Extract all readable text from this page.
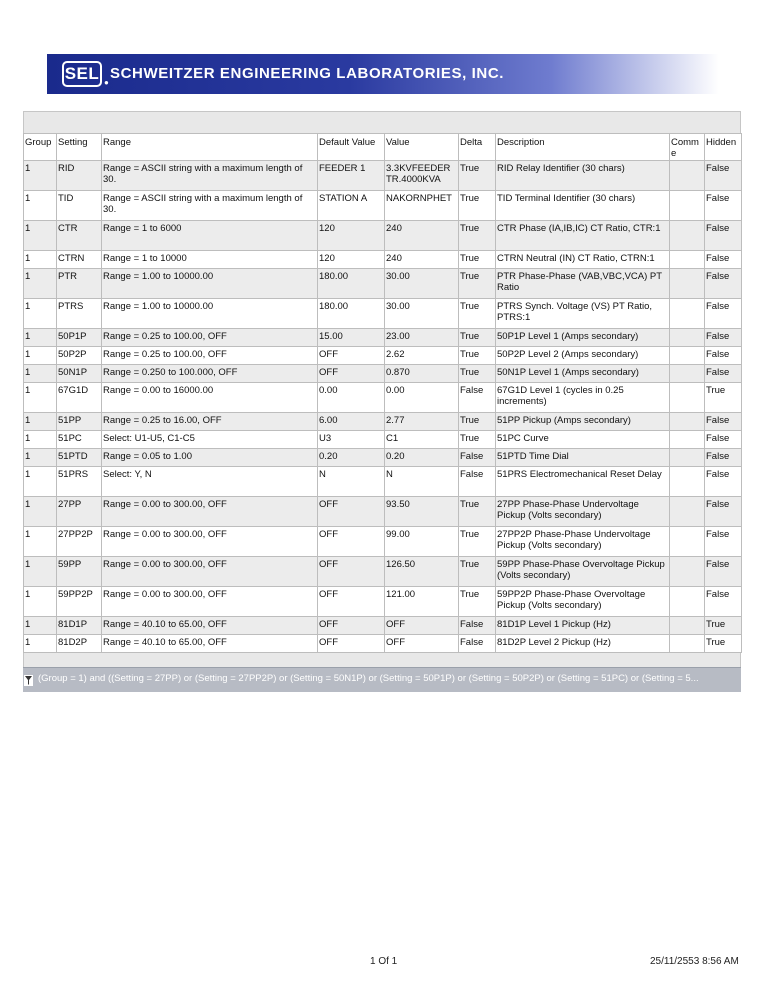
SEL ●
SCHWEITZER ENGINEERING LABORATORIES, INC.
Group	Setting	Range	Default Value	Value	Delta	Description	Comme	Hidden
1	RID	Range = ASCII string with a maximum length of 30.	FEEDER 1	3.3KVFEEDER TR.4000KVA	True	RID Relay Identifier (30 chars)		False
1	TID	Range = ASCII string with a maximum length of 30.	STATION A	NAKORNPHET	True	TID Terminal Identifier (30 chars)		False
1	CTR	Range = 1 to 6000	120	240	True	CTR Phase (IA,IB,IC) CT Ratio, CTR:1		False
1	CTRN	Range = 1 to 10000	120	240	True	CTRN Neutral (IN) CT Ratio, CTRN:1		False
1	PTR	Range = 1.00 to 10000.00	180.00	30.00	True	PTR Phase-Phase (VAB,VBC,VCA) PT Ratio		False
1	PTRS	Range = 1.00 to 10000.00	180.00	30.00	True	PTRS Synch. Voltage (VS) PT Ratio, PTRS:1		False
1	50P1P	Range = 0.25 to 100.00, OFF	15.00	23.00	True	50P1P Level 1 (Amps secondary)		False
1	50P2P	Range = 0.25 to 100.00, OFF	OFF	2.62	True	50P2P Level 2 (Amps secondary)		False
1	50N1P	Range = 0.250 to 100.000, OFF	OFF	0.870	True	50N1P Level 1 (Amps secondary)		False
1	67G1D	Range = 0.00 to 16000.00	0.00	0.00	False	67G1D Level 1 (cycles in 0.25 increments)		True
1	51PP	Range = 0.25 to 16.00, OFF	6.00	2.77	True	51PP Pickup (Amps secondary)		False
1	51PC	Select: U1-U5, C1-C5	U3	C1	True	51PC Curve		False
1	51PTD	Range = 0.05 to 1.00	0.20	0.20	False	51PTD Time Dial		False
1	51PRS	Select: Y, N	N	N	False	51PRS Electromechanical Reset Delay		False
1	27PP	Range = 0.00 to 300.00, OFF	OFF	93.50	True	27PP Phase-Phase Undervoltage Pickup (Volts secondary)		False
1	27PP2P	Range = 0.00 to 300.00, OFF	OFF	99.00	True	27PP2P Phase-Phase Undervoltage Pickup (Volts secondary)		False
1	59PP	Range = 0.00 to 300.00, OFF	OFF	126.50	True	59PP Phase-Phase Overvoltage Pickup (Volts secondary)		False
1	59PP2P	Range = 0.00 to 300.00, OFF	OFF	121.00	True	59PP2P Phase-Phase Overvoltage Pickup (Volts secondary)		False
1	81D1P	Range = 40.10 to 65.00, OFF	OFF	OFF	False	81D1P Level 1 Pickup (Hz)		True
1	81D2P	Range = 40.10 to 65.00, OFF	OFF	OFF	False	81D2P Level 2 Pickup (Hz)		True
(Group = 1) and ((Setting = 27PP) or (Setting = 27PP2P) or (Setting = 50N1P) or (Setting = 50P1P) or (Setting = 50P2P) or (Setting = 51PC) or (Setting = 5...
1 Of 1	25/11/2553 8:56 AM
